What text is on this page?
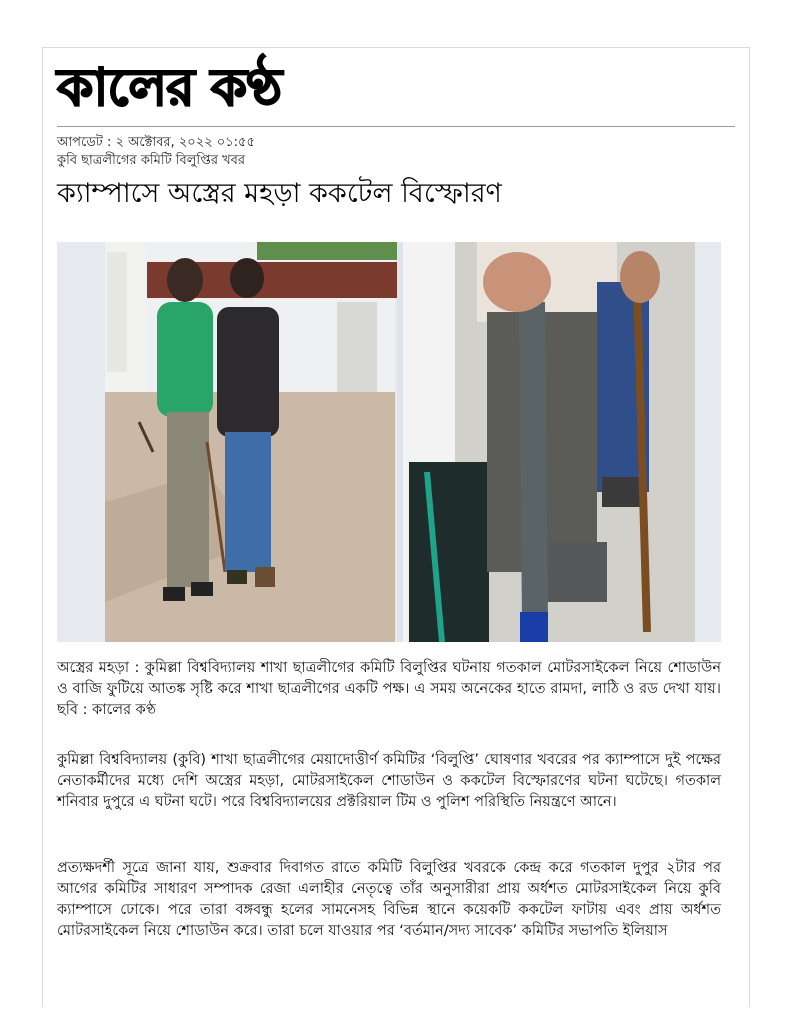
কালের কণ্ঠ
আপডেট : ২ অক্টোবর, ২০২২ ০১:৫৫
কুবি ছাত্রলীগের কমিটি বিলুপ্তির খবর
ক্যাম্পাসে অস্ত্রের মহড়া ককটেল বিস্ফোরণ
অস্ত্রের মহড়া : কুমিল্লা বিশ্ববিদ্যালয় শাখা ছাত্রলীগের কমিটি বিলুপ্তির ঘটনায় গতকাল মোটরসাইকেল নিয়ে শোডাউন ও বাজি ফুটিয়ে আতঙ্ক সৃষ্টি করে শাখা ছাত্রলীগের একটি পক্ষ। এ সময় অনেকের হাতে রামদা, লাঠি ও রড দেখা যায়। ছবি : কালের কণ্ঠ
কুমিল্লা বিশ্ববিদ্যালয় (কুবি) শাখা ছাত্রলীগের মেয়াদোত্তীর্ণ কমিটির ‘বিলুপ্তি’ ঘোষণার খবরের পর ক্যাম্পাসে দুই পক্ষের নেতাকর্মীদের মধ্যে দেশি অস্ত্রের মহড়া, মোটরসাইকেল শোডাউন ও ককটেল বিস্ফোরণের ঘটনা ঘটেছে। গতকাল শনিবার দুপুরে এ ঘটনা ঘটে। পরে বিশ্ববিদ্যালয়ের প্রক্টরিয়াল টিম ও পুলিশ পরিস্থিতি নিয়ন্ত্রণে আনে।
প্রত্যক্ষদর্শী সূত্রে জানা যায়, শুক্রবার দিবাগত রাতে কমিটি বিলুপ্তির খবরকে কেন্দ্র করে গতকাল দুপুর ২টার পর আগের কমিটির সাধারণ সম্পাদক রেজা এলাহীর নেতৃত্বে তাঁর অনুসারীরা প্রায় অর্ধশত মোটরসাইকেল নিয়ে কুবি ক্যাম্পাসে ঢোকে। পরে তারা বঙ্গবন্ধু হলের সামনেসহ বিভিন্ন স্থানে কয়েকটি ককটেল ফাটায় এবং প্রায় অর্ধশত মোটরসাইকেল নিয়ে শোডাউন করে। তারা চলে যাওয়ার পর ‘বর্তমান/সদ্য সাবেক’ কমিটির সভাপতি ইলিয়াস
